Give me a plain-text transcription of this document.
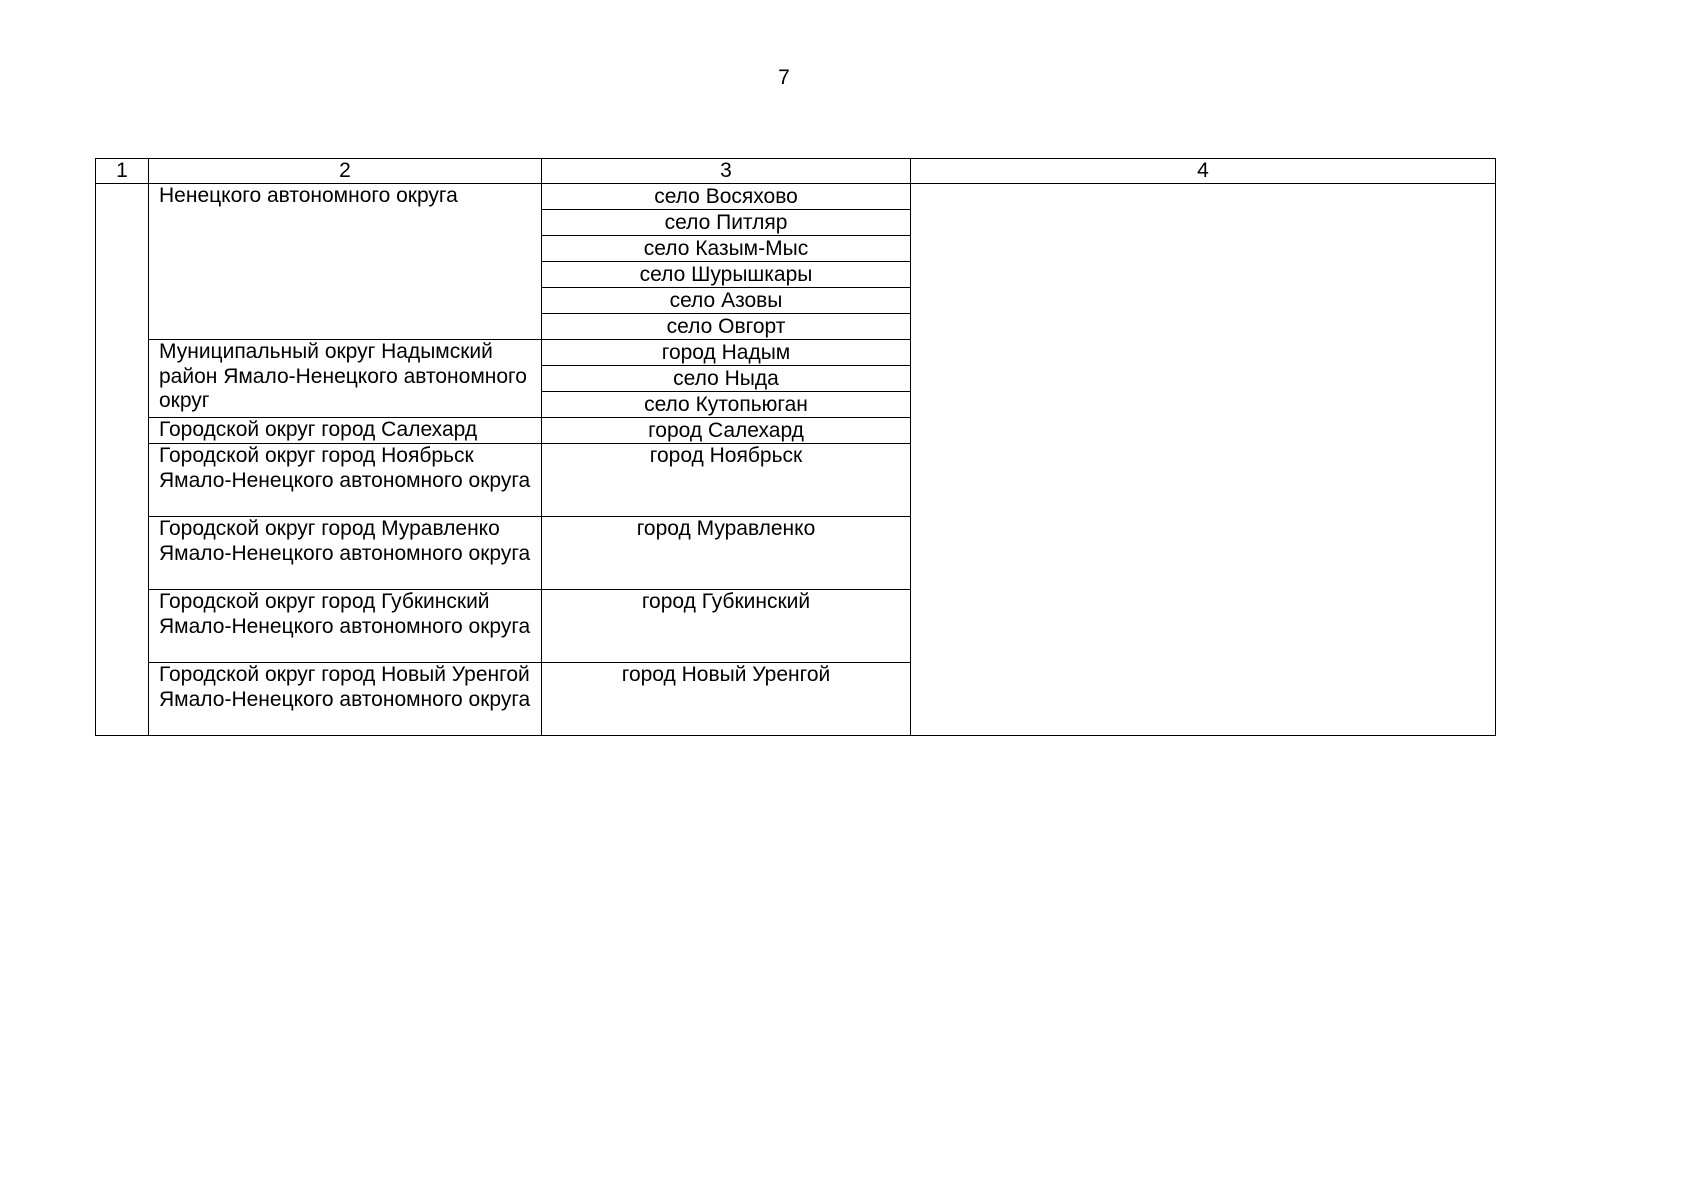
7
1	2	3	4

	Ненецкого автономного округа	село Восяхово	
		село Питляр	
		село Казым-Мыс	
		село Шурышкары	
		село Азовы	
		село Овгорт	

	Муниципальный округ Надымский район Ямало-Ненецкого автономного округ	город Надым	
		село Ныда	
		село Кутопьюган	

	Городской округ город Салехард	город Салехард	

	Городской округ город Ноябрьск Ямало-Ненецкого автономного округа	город Ноябрьск	

	Городской округ город Муравленко Ямало-Ненецкого автономного округа	город Муравленко	

	Городской округ город Губкинский Ямало-Ненецкого автономного округа	город Губкинский	

	Городской округ город Новый Уренгой Ямало-Ненецкого автономного округа	город Новый Уренгой	
